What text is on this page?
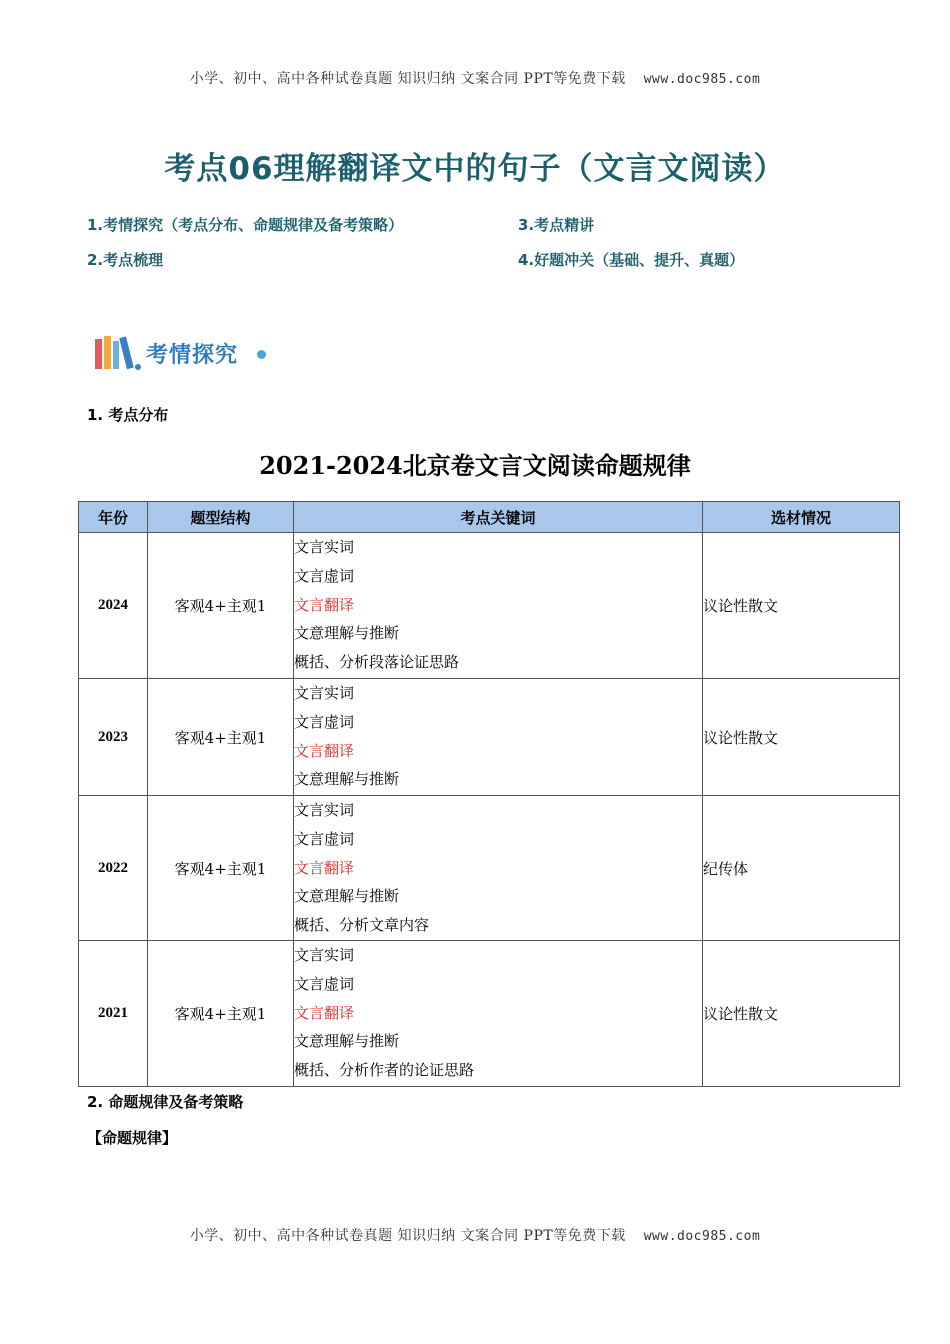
小学、初中、高中各种试卷真题 知识归纳 文案合同 PPT等免费下载 www.doc985.com
考点06理解翻译文中的句子（文言文阅读）
1.考情探究（考点分布、命题规律及备考策略）	3.考点精讲
2.考点梳理	4.好题冲关（基础、提升、真题）
考情探究
1. 考点分布
2021-2024北京卷文言文阅读命题规律
年份	题型结构	考点关键词	选材情况
2024	客观4+主观1	文言实词
文言虚词
文言翻译
文意理解与推断
概括、分析段落论证思路	议论性散文
2023	客观4+主观1	文言实词
文言虚词
文言翻译
文意理解与推断	议论性散文
2022	客观4+主观1	文言实词
文言虚词
文言翻译
文意理解与推断
概括、分析文章内容	纪传体
2021	客观4+主观1	文言实词
文言虚词
文言翻译
文意理解与推断
概括、分析作者的论证思路	议论性散文
2. 命题规律及备考策略
【命题规律】
小学、初中、高中各种试卷真题 知识归纳 文案合同 PPT等免费下载 www.doc985.com
